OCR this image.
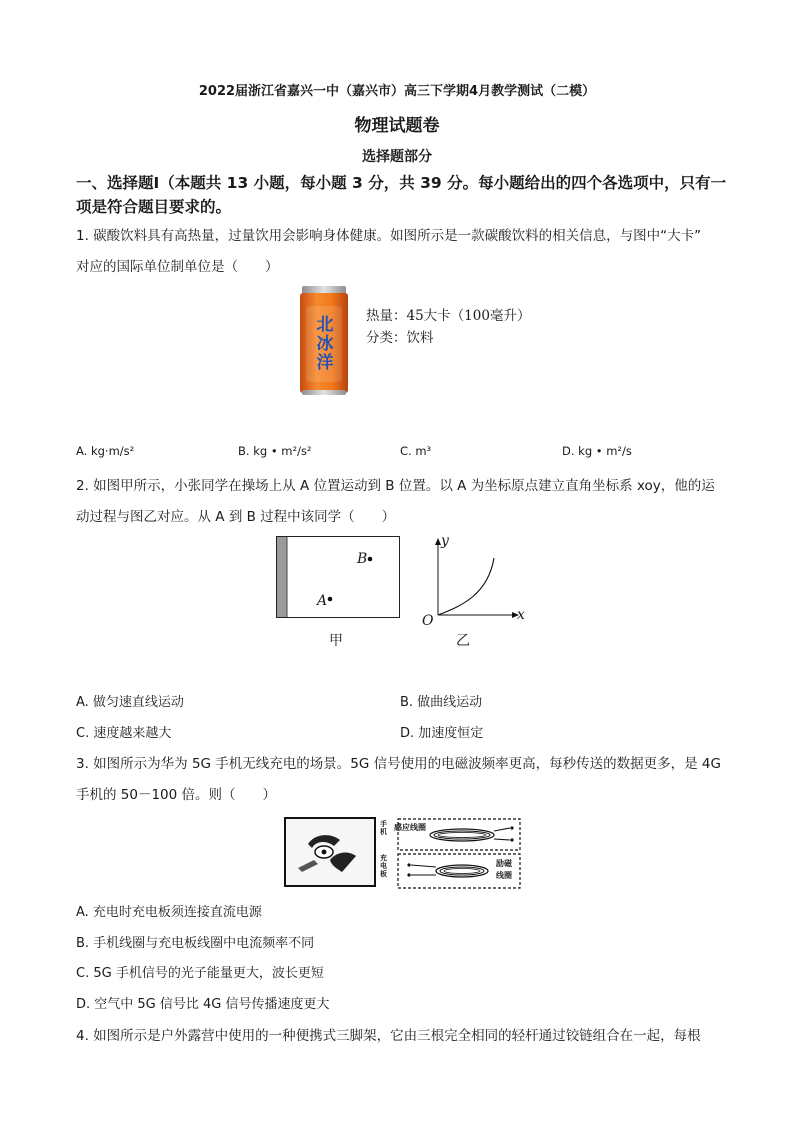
2022届浙江省嘉兴一中（嘉兴市）高三下学期4月教学测试（二模）
物理试题卷
选择题部分
一、选择题Ⅰ（本题共 13 小题，每小题 3 分，共 39 分。每小题给出的四个各选项中，只有一
项是符合题目要求的。
1. 碳酸饮料具有高热量，过量饮用会影响身体健康。如图所示是一款碳酸饮料的相关信息，与图中“大卡”
对应的国际单位制单位是（　　）
北冰洋
热量：45大卡（100毫升）
分类：饮料
A. kg·m/s²	B. kg • m²/s²	C. m³	D. kg • m²/s
2. 如图甲所示，小张同学在操场上从 A 位置运动到 B 位置。以 A 为坐标原点建立直角坐标系 xoy，他的运
动过程与图乙对应。从 A 到 B 过程中该同学（　　）
B
A
甲
y
x
O
乙
A. 做匀速直线运动	B. 做曲线运动
C. 速度越来越大	D. 加速度恒定
3. 如图所示为华为 5G 手机无线充电的场景。5G 信号使用的电磁波频率更高，每秒传送的数据更多，是 4G
手机的 50－100 倍。则（　　）
手机
充电板
感应线圈
励磁
线圈
A. 充电时充电板须连接直流电源
B. 手机线圈与充电板线圈中电流频率不同
C. 5G 手机信号的光子能量更大，波长更短
D. 空气中 5G 信号比 4G 信号传播速度更大
4. 如图所示是户外露营中使用的一种便携式三脚架，它由三根完全相同的轻杆通过铰链组合在一起，每根
